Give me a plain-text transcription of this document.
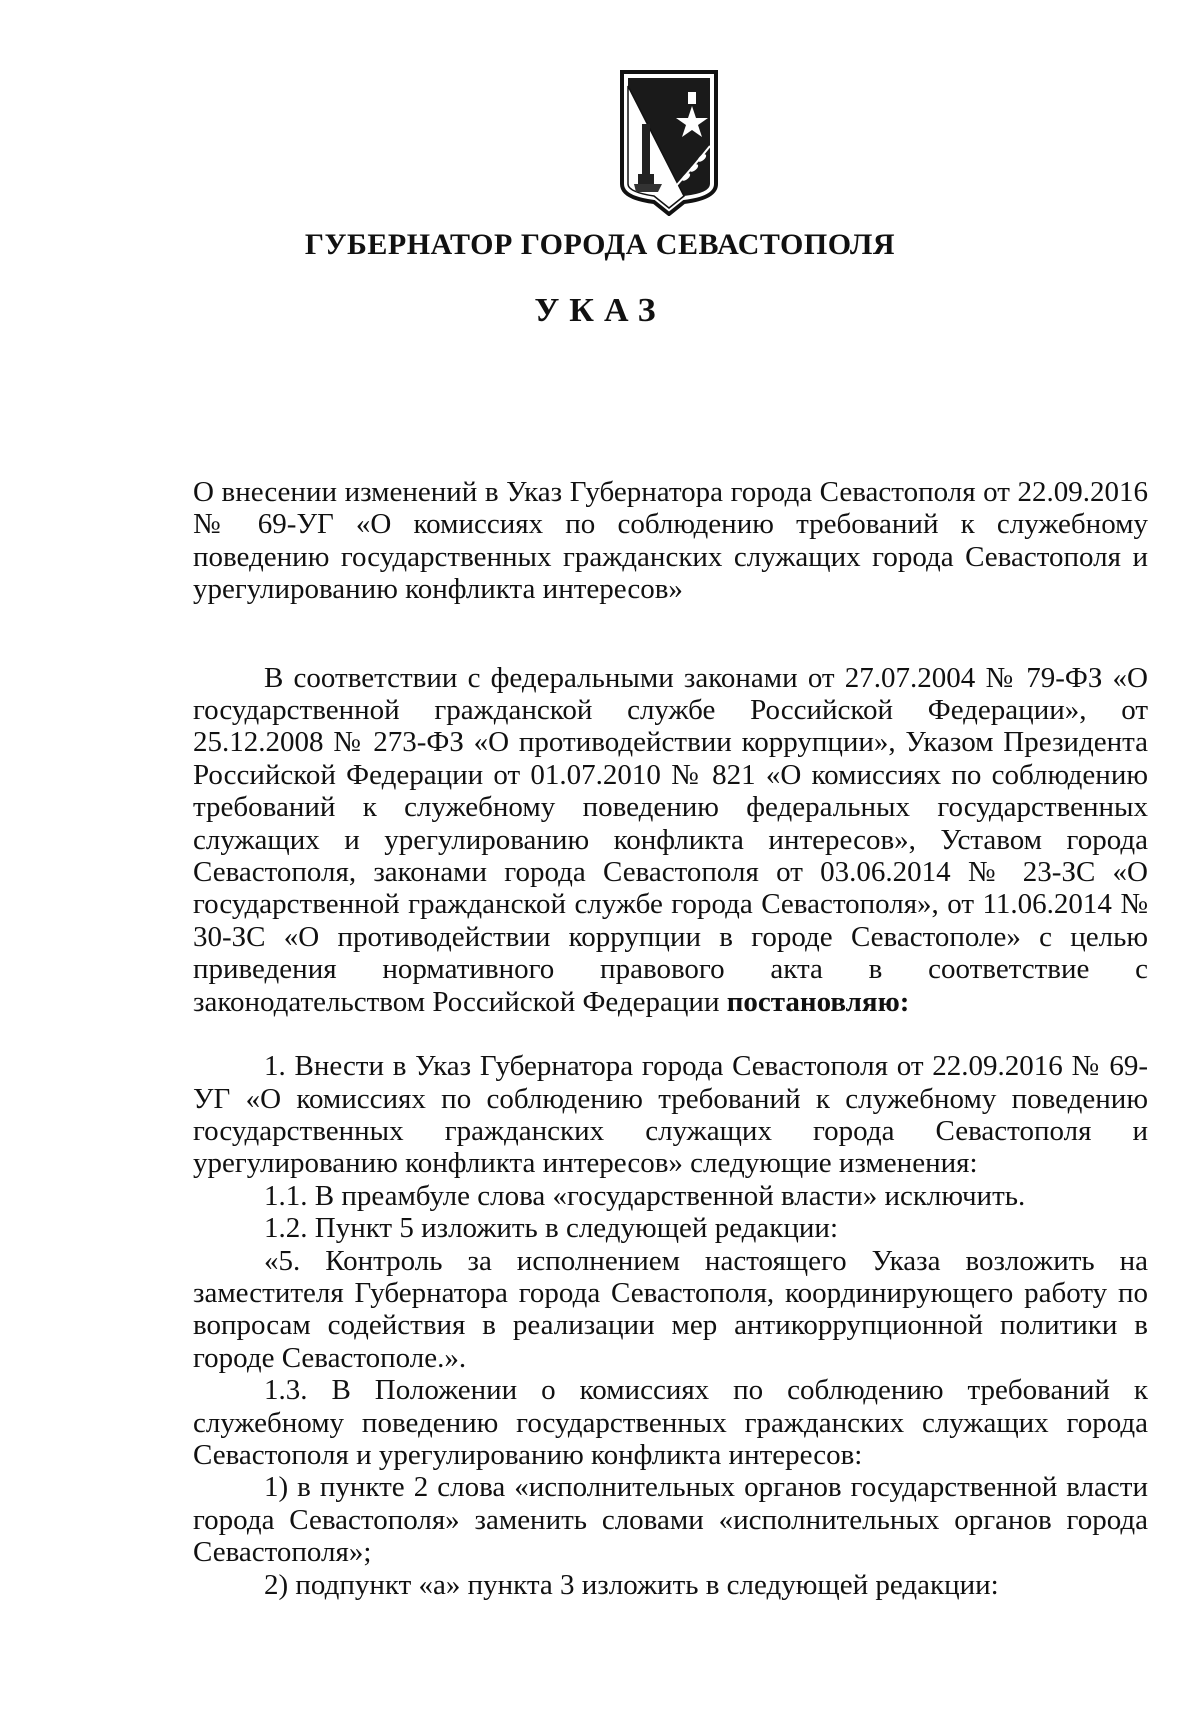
ГУБЕРНАТОР ГОРОДА СЕВАСТОПОЛЯ
УКАЗ

О внесении изменений в Указ Губернатора города Севастополя от 22.09.2016 № 69-УГ «О комиссиях по соблюдению требований к служебному поведению государственных гражданских служащих города Севастополя и урегулированию конфликта интересов»

В соответствии с федеральными законами от 27.07.2004 № 79-ФЗ «О государственной гражданской службе Российской Федерации», от 25.12.2008 № 273-ФЗ «О противодействии коррупции», Указом Президента Российской Федерации от 01.07.2010 № 821 «О комиссиях по соблюдению требований к служебному поведению федеральных государственных служащих и урегулированию конфликта интересов», Уставом города Севастополя, законами города Севастополя от 03.06.2014 № 23-ЗС «О государственной гражданской службе города Севастополя», от 11.06.2014 № 30-ЗС «О противодействии коррупции в городе Севастополе» с целью приведения нормативного правового акта в соответствие с законодательством Российской Федерации постановляю:

1. Внести в Указ Губернатора города Севастополя от 22.09.2016 № 69-УГ «О комиссиях по соблюдению требований к служебному поведению государственных гражданских служащих города Севастополя и урегулированию конфликта интересов» следующие изменения:

1.1. В преамбуле слова «государственной власти» исключить.

1.2. Пункт 5 изложить в следующей редакции:

«5. Контроль за исполнением настоящего Указа возложить на заместителя Губернатора города Севастополя, координирующего работу по вопросам содействия в реализации мер антикоррупционной политики в городе Севастополе.».

1.3. В Положении о комиссиях по соблюдению требований к служебному поведению государственных гражданских служащих города Севастополя и урегулированию конфликта интересов:

1) в пункте 2 слова «исполнительных органов государственной власти города Севастополя» заменить словами «исполнительных органов города Севастополя»;

2) подпункт «а» пункта 3 изложить в следующей редакции:
